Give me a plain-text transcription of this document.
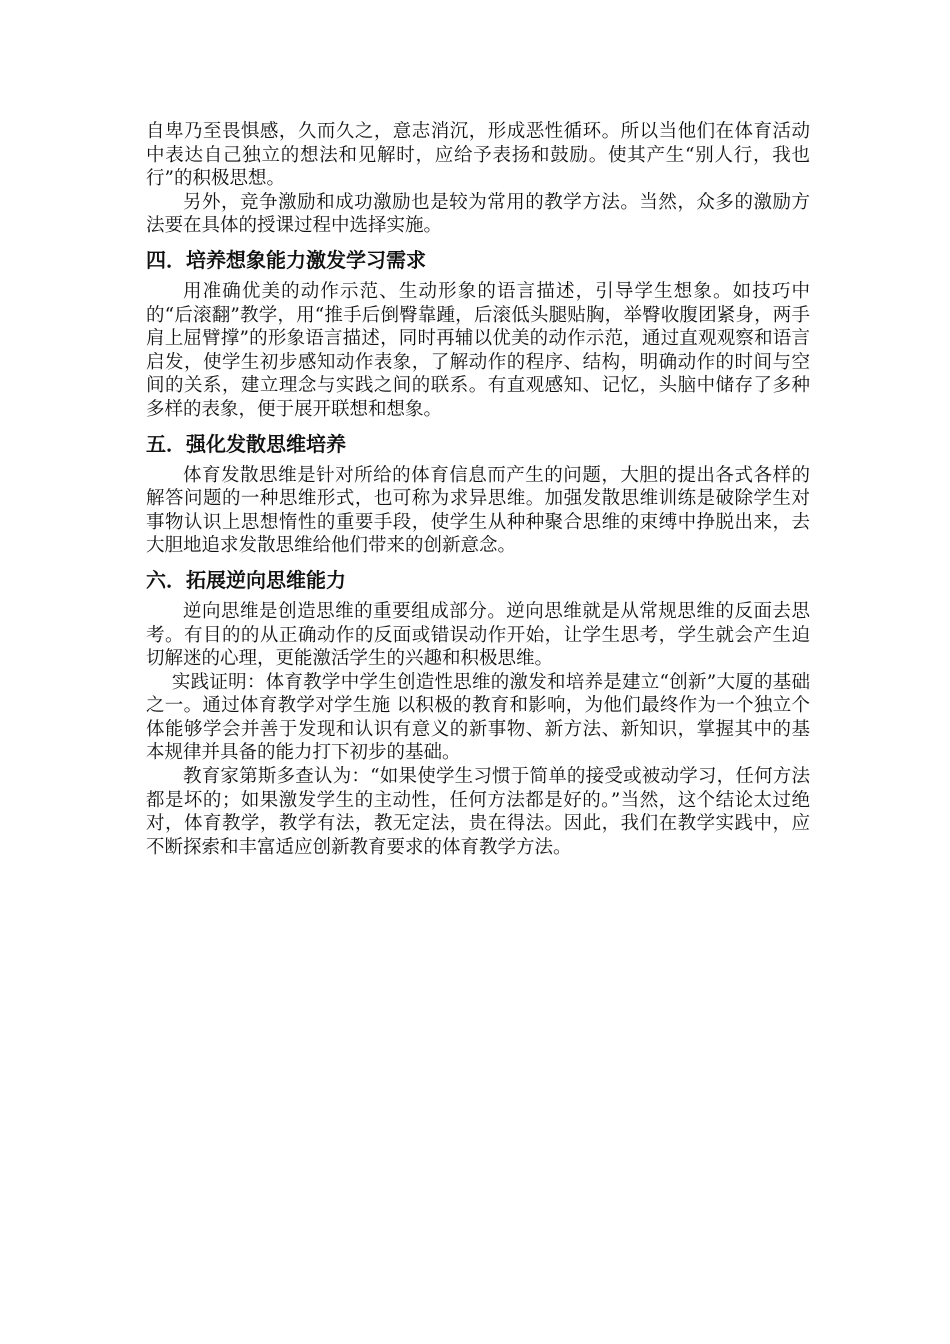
自卑乃至畏惧感，久而久之，意志消沉，形成恶性循环。所以当他们在体育活动中表达自己独立的想法和见解时，应给予表扬和鼓励。使其产生“别人行，我也行”的积极思想。

另外，竞争激励和成功激励也是较为常用的教学方法。当然，众多的激励方法要在具体的授课过程中选择实施。

四．培养想象能力激发学习需求

用准确优美的动作示范、生动形象的语言描述，引导学生想象。如技巧中的“后滚翻”教学，用“推手后倒臀靠踵，后滚低头腿贴胸，举臀收腹团紧身，两手肩上屈臂撑”的形象语言描述，同时再辅以优美的动作示范，通过直观观察和语言启发，使学生初步感知动作表象，了解动作的程序、结构，明确动作的时间与空间的关系，建立理念与实践之间的联系。有直观感知、记忆，头脑中储存了多种多样的表象，便于展开联想和想象。

五．强化发散思维培养

体育发散思维是针对所给的体育信息而产生的问题，大胆的提出各式各样的解答问题的一种思维形式，也可称为求异思维。加强发散思维训练是破除学生对事物认识上思想惰性的重要手段，使学生从种种聚合思维的束缚中挣脱出来，去大胆地追求发散思维给他们带来的创新意念。

六．拓展逆向思维能力

逆向思维是创造思维的重要组成部分。逆向思维就是从常规思维的反面去思考。有目的的从正确动作的反面或错误动作开始，让学生思考，学生就会产生迫切解迷的心理，更能激活学生的兴趣和积极思维。

实践证明：体育教学中学生创造性思维的激发和培养是建立“创新”大厦的基础之一。通过体育教学对学生施 以积极的教育和影响，为他们最终作为一个独立个体能够学会并善于发现和认识有意义的新事物、新方法、新知识，掌握其中的基本规律并具备的能力打下初步的基础。

教育家第斯多查认为：“如果使学生习惯于简单的接受或被动学习，任何方法都是坏的；如果激发学生的主动性，任何方法都是好的。”当然，这个结论太过绝对，体育教学，教学有法，教无定法，贵在得法。因此，我们在教学实践中，应不断探索和丰富适应创新教育要求的体育教学方法。
